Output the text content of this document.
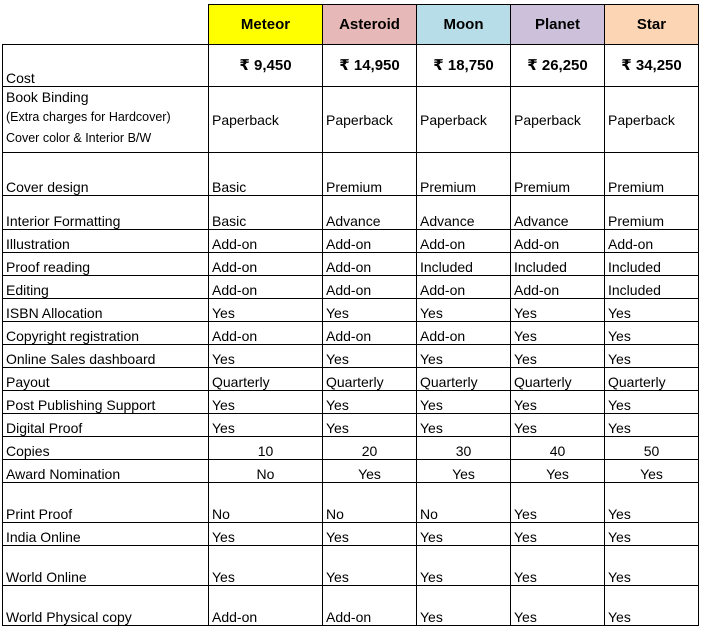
	Meteor	Asteroid	Moon	Planet	Star
Cost	₹ 9,450	₹ 14,950	₹ 18,750	₹ 26,250	₹ 34,250

Book Binding
(Extra charges for Hardcover)
Cover color & Interior B/W	Paperback	Paperback	Paperback	Paperback	Paperback
Cover design	Basic	Premium	Premium	Premium	Premium
Interior Formatting	Basic	Advance	Advance	Advance	Premium
Illustration	Add-on	Add-on	Add-on	Add-on	Add-on
Proof reading	Add-on	Add-on	Included	Included	Included
Editing	Add-on	Add-on	Add-on	Add-on	Included
ISBN Allocation	Yes	Yes	Yes	Yes	Yes
Copyright registration	Add-on	Add-on	Add-on	Yes	Yes
Online Sales dashboard	Yes	Yes	Yes	Yes	Yes
Payout	Quarterly	Quarterly	Quarterly	Quarterly	Quarterly
Post Publishing Support	Yes	Yes	Yes	Yes	Yes
Digital Proof	Yes	Yes	Yes	Yes	Yes
Copies	10	20	30	40	50
Award Nomination	No	Yes	Yes	Yes	Yes
Print Proof	No	No	No	Yes	Yes
India Online	Yes	Yes	Yes	Yes	Yes
World Online	Yes	Yes	Yes	Yes	Yes
World Physical copy	Add-on	Add-on	Yes	Yes	Yes
